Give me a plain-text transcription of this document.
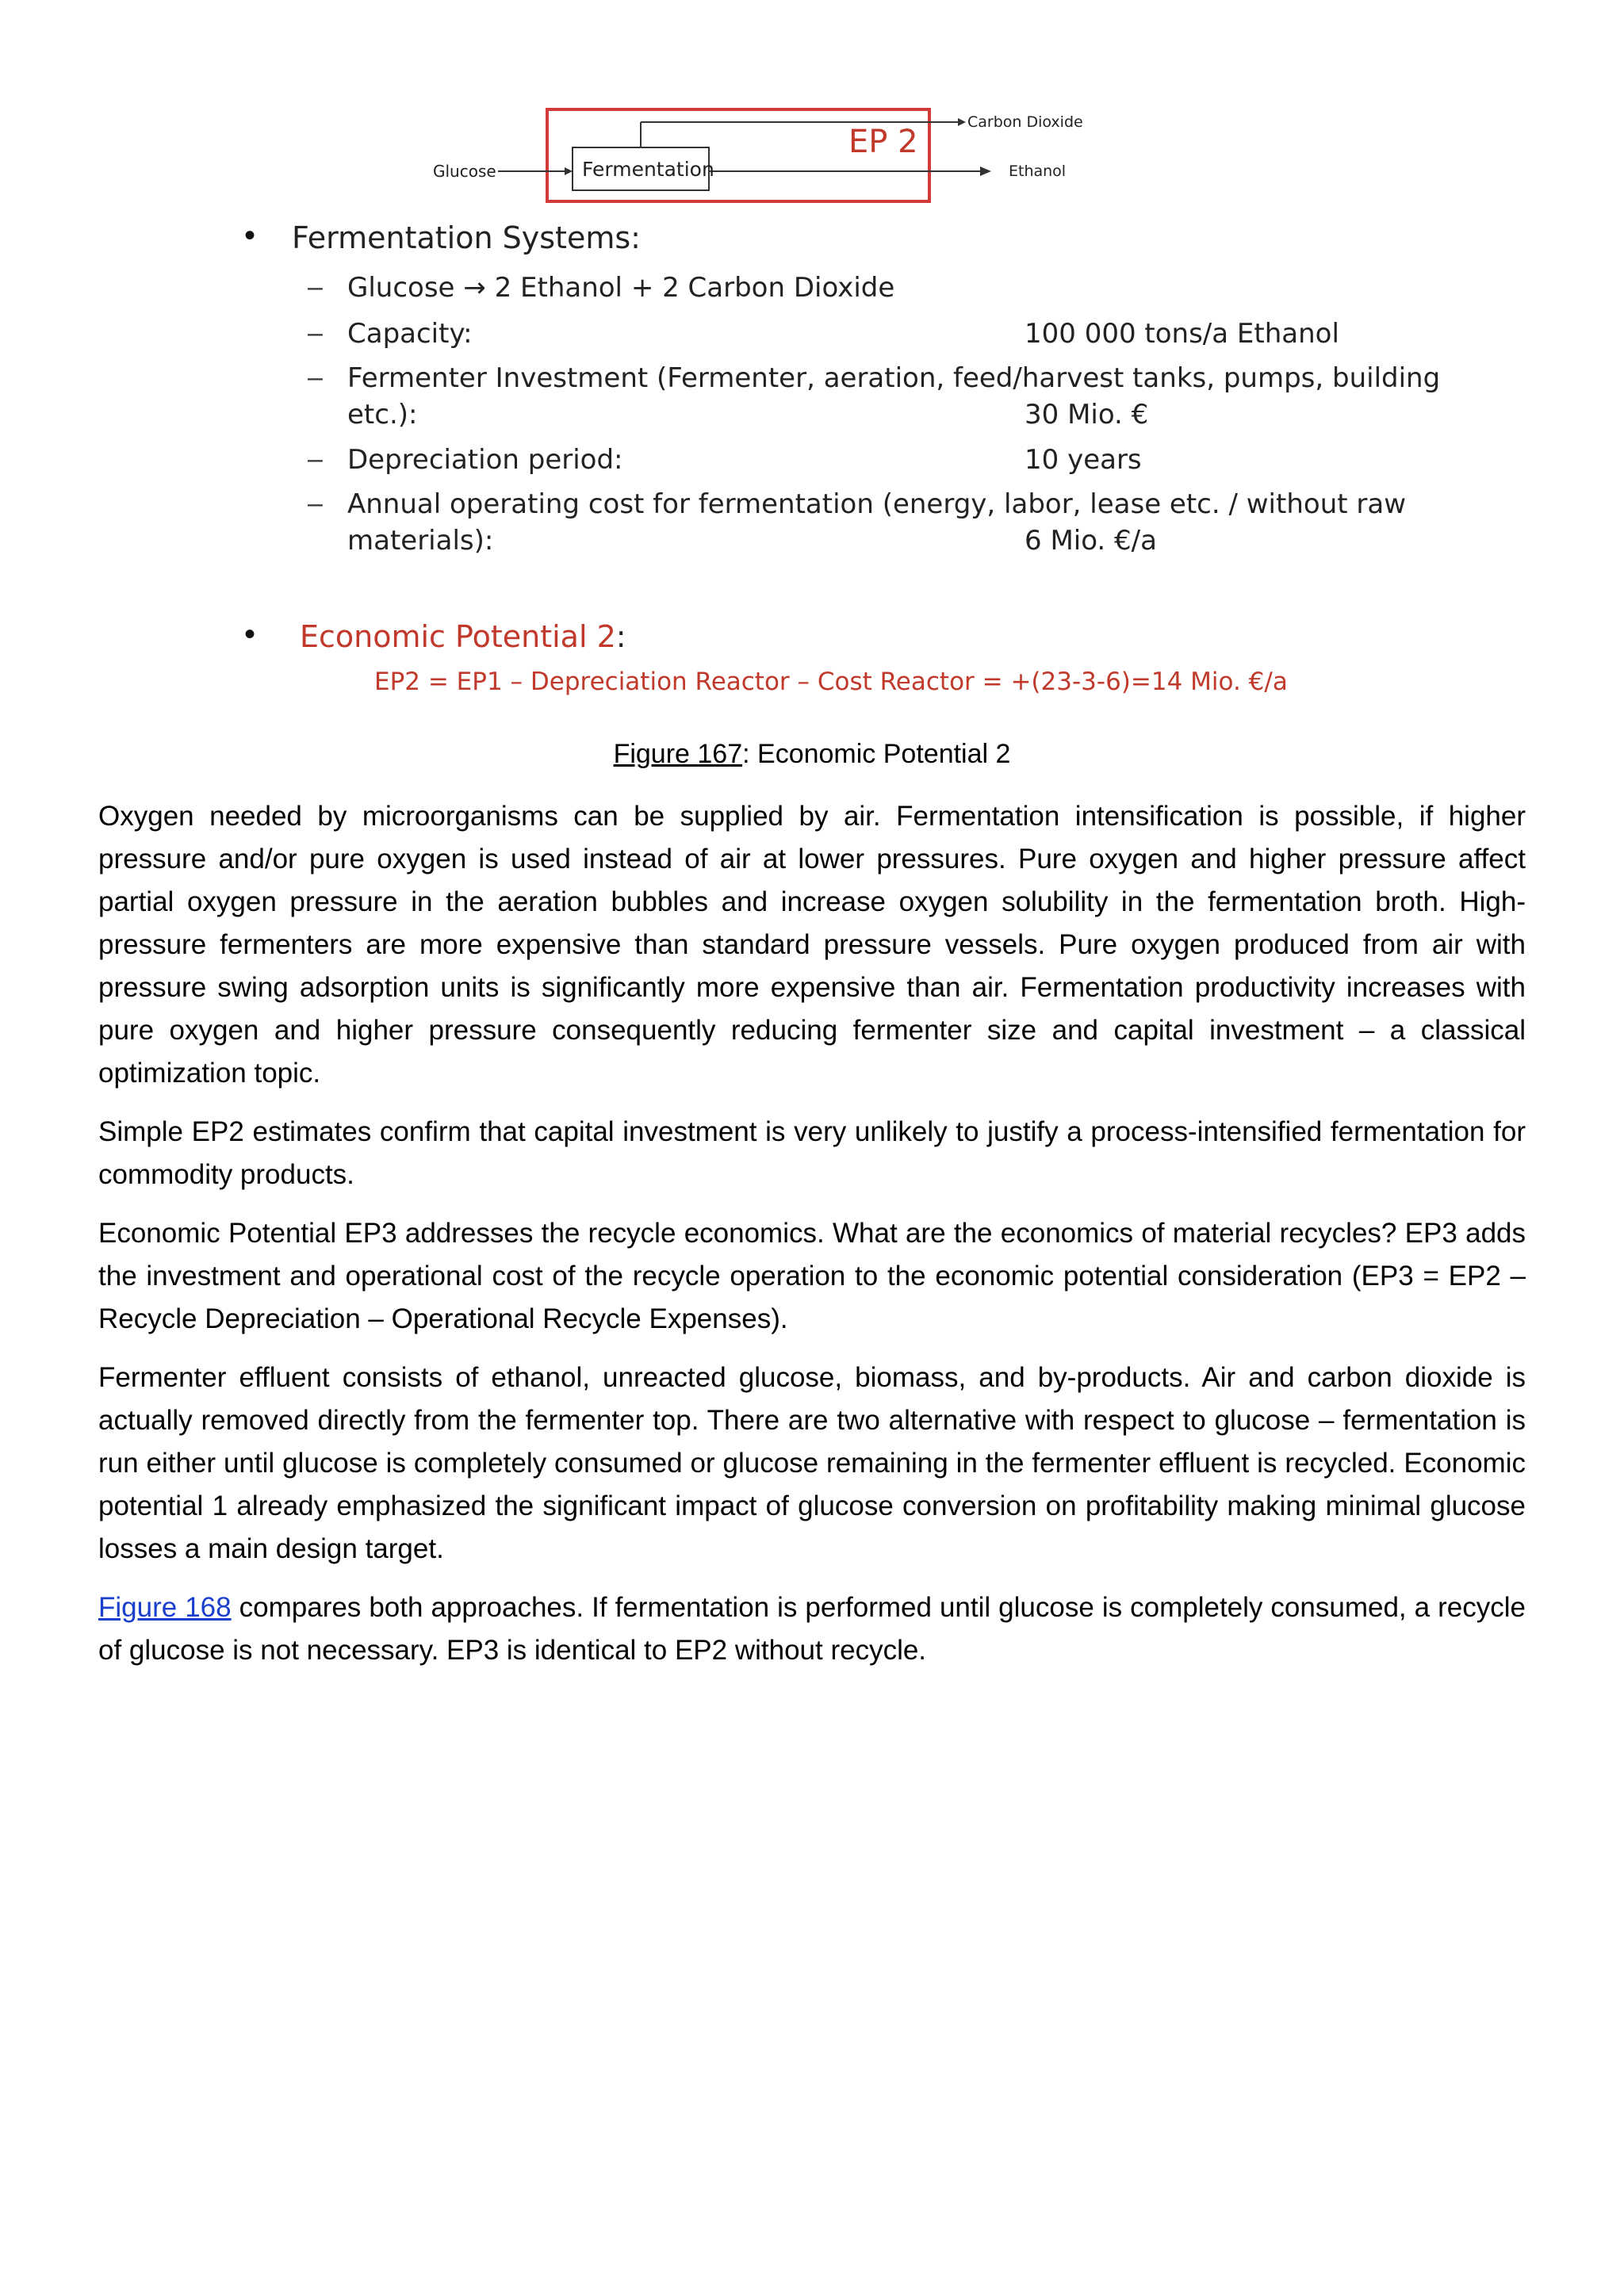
Glucose	Fermentation
EP 2
Carbon Dioxide
Ethanol
• Fermentation Systems:
– Glucose → 2 Ethanol + 2 Carbon Dioxide
– Capacity:	100 000 tons/a Ethanol
– Fermenter Investment (Fermenter, aeration, feed/harvest tanks, pumps, building
etc.):	30 Mio. €
– Depreciation period:	10 years
– Annual operating cost for fermentation (energy, labor, lease etc. / without raw
materials):	6 Mio. €/a
• Economic Potential 2:
EP2 = EP1 – Depreciation Reactor – Cost Reactor = +(23-3-6)=14 Mio. €/a
Figure 167: Economic Potential 2

Oxygen needed by microorganisms can be supplied by air. Fermentation intensification is possible, if higher pressure and/or pure oxygen is used instead of air at lower pressures. Pure oxygen and higher pressure affect partial oxygen pressure in the aeration bubbles and increase oxygen solubility in the fermentation broth. High-pressure fermenters are more expensive than standard pressure vessels. Pure oxygen produced from air with pressure swing adsorption units is significantly more expensive than air. Fermentation productivity increases with pure oxygen and higher pressure consequently reducing fermenter size and capital investment – a classical optimization topic.

Simple EP2 estimates confirm that capital investment is very unlikely to justify a process-intensified fermentation for commodity products.

Economic Potential EP3 addresses the recycle economics. What are the economics of material recycles? EP3 adds the investment and operational cost of the recycle operation to the economic potential consideration (EP3 = EP2 – Recycle Depreciation – Operational Recycle Expenses).

Fermenter effluent consists of ethanol, unreacted glucose, biomass, and by-products. Air and carbon dioxide is actually removed directly from the fermenter top. There are two alternative with respect to glucose – fermentation is run either until glucose is completely consumed or glucose remaining in the fermenter effluent is recycled. Economic potential 1 already emphasized the significant impact of glucose conversion on profitability making minimal glucose losses a main design target.

Figure 168 compares both approaches. If fermentation is performed until glucose is completely consumed, a recycle of glucose is not necessary. EP3 is identical to EP2 without recycle.
